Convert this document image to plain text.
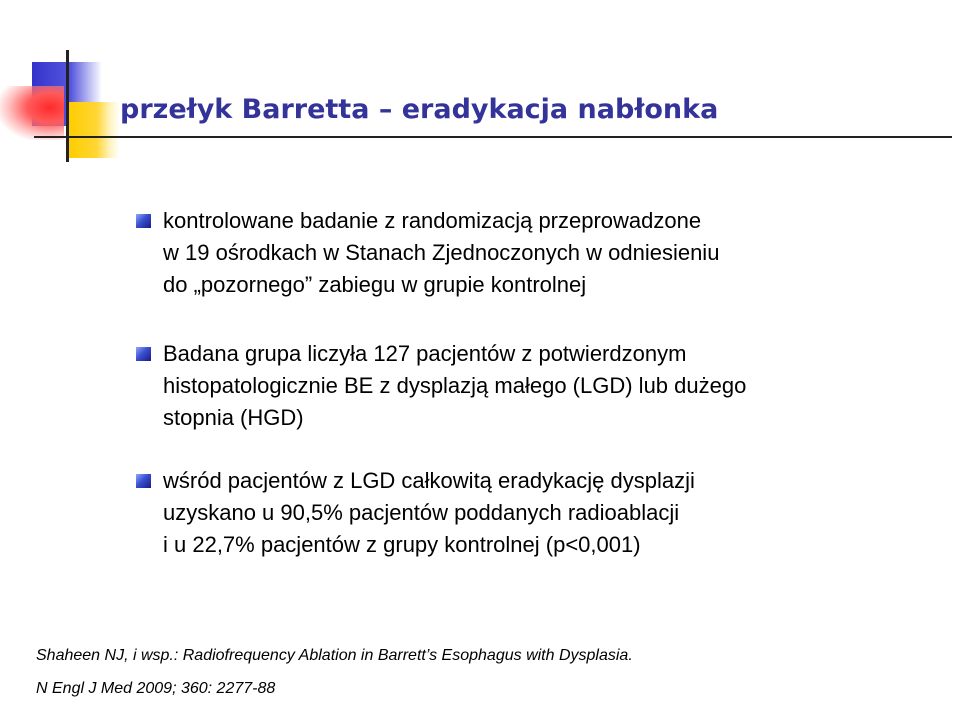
przełyk Barretta – eradykacja nabłonka
kontrolowane badanie z randomizacją przeprowadzone
w 19 ośrodkach w Stanach Zjednoczonych w odniesieniu
do „pozornego” zabiegu w grupie kontrolnej
Badana grupa liczyła 127 pacjentów z potwierdzonym
histopatologicznie BE z dysplazją małego (LGD) lub dużego
stopnia (HGD)
wśród pacjentów z LGD całkowitą eradykację dysplazji
uzyskano u 90,5% pacjentów poddanych radioablacji
i u 22,7% pacjentów z grupy kontrolnej (p<0,001)
Shaheen NJ, i wsp.: Radiofrequency Ablation in Barrett’s Esophagus with Dysplasia.
N Engl J Med 2009; 360: 2277-88
